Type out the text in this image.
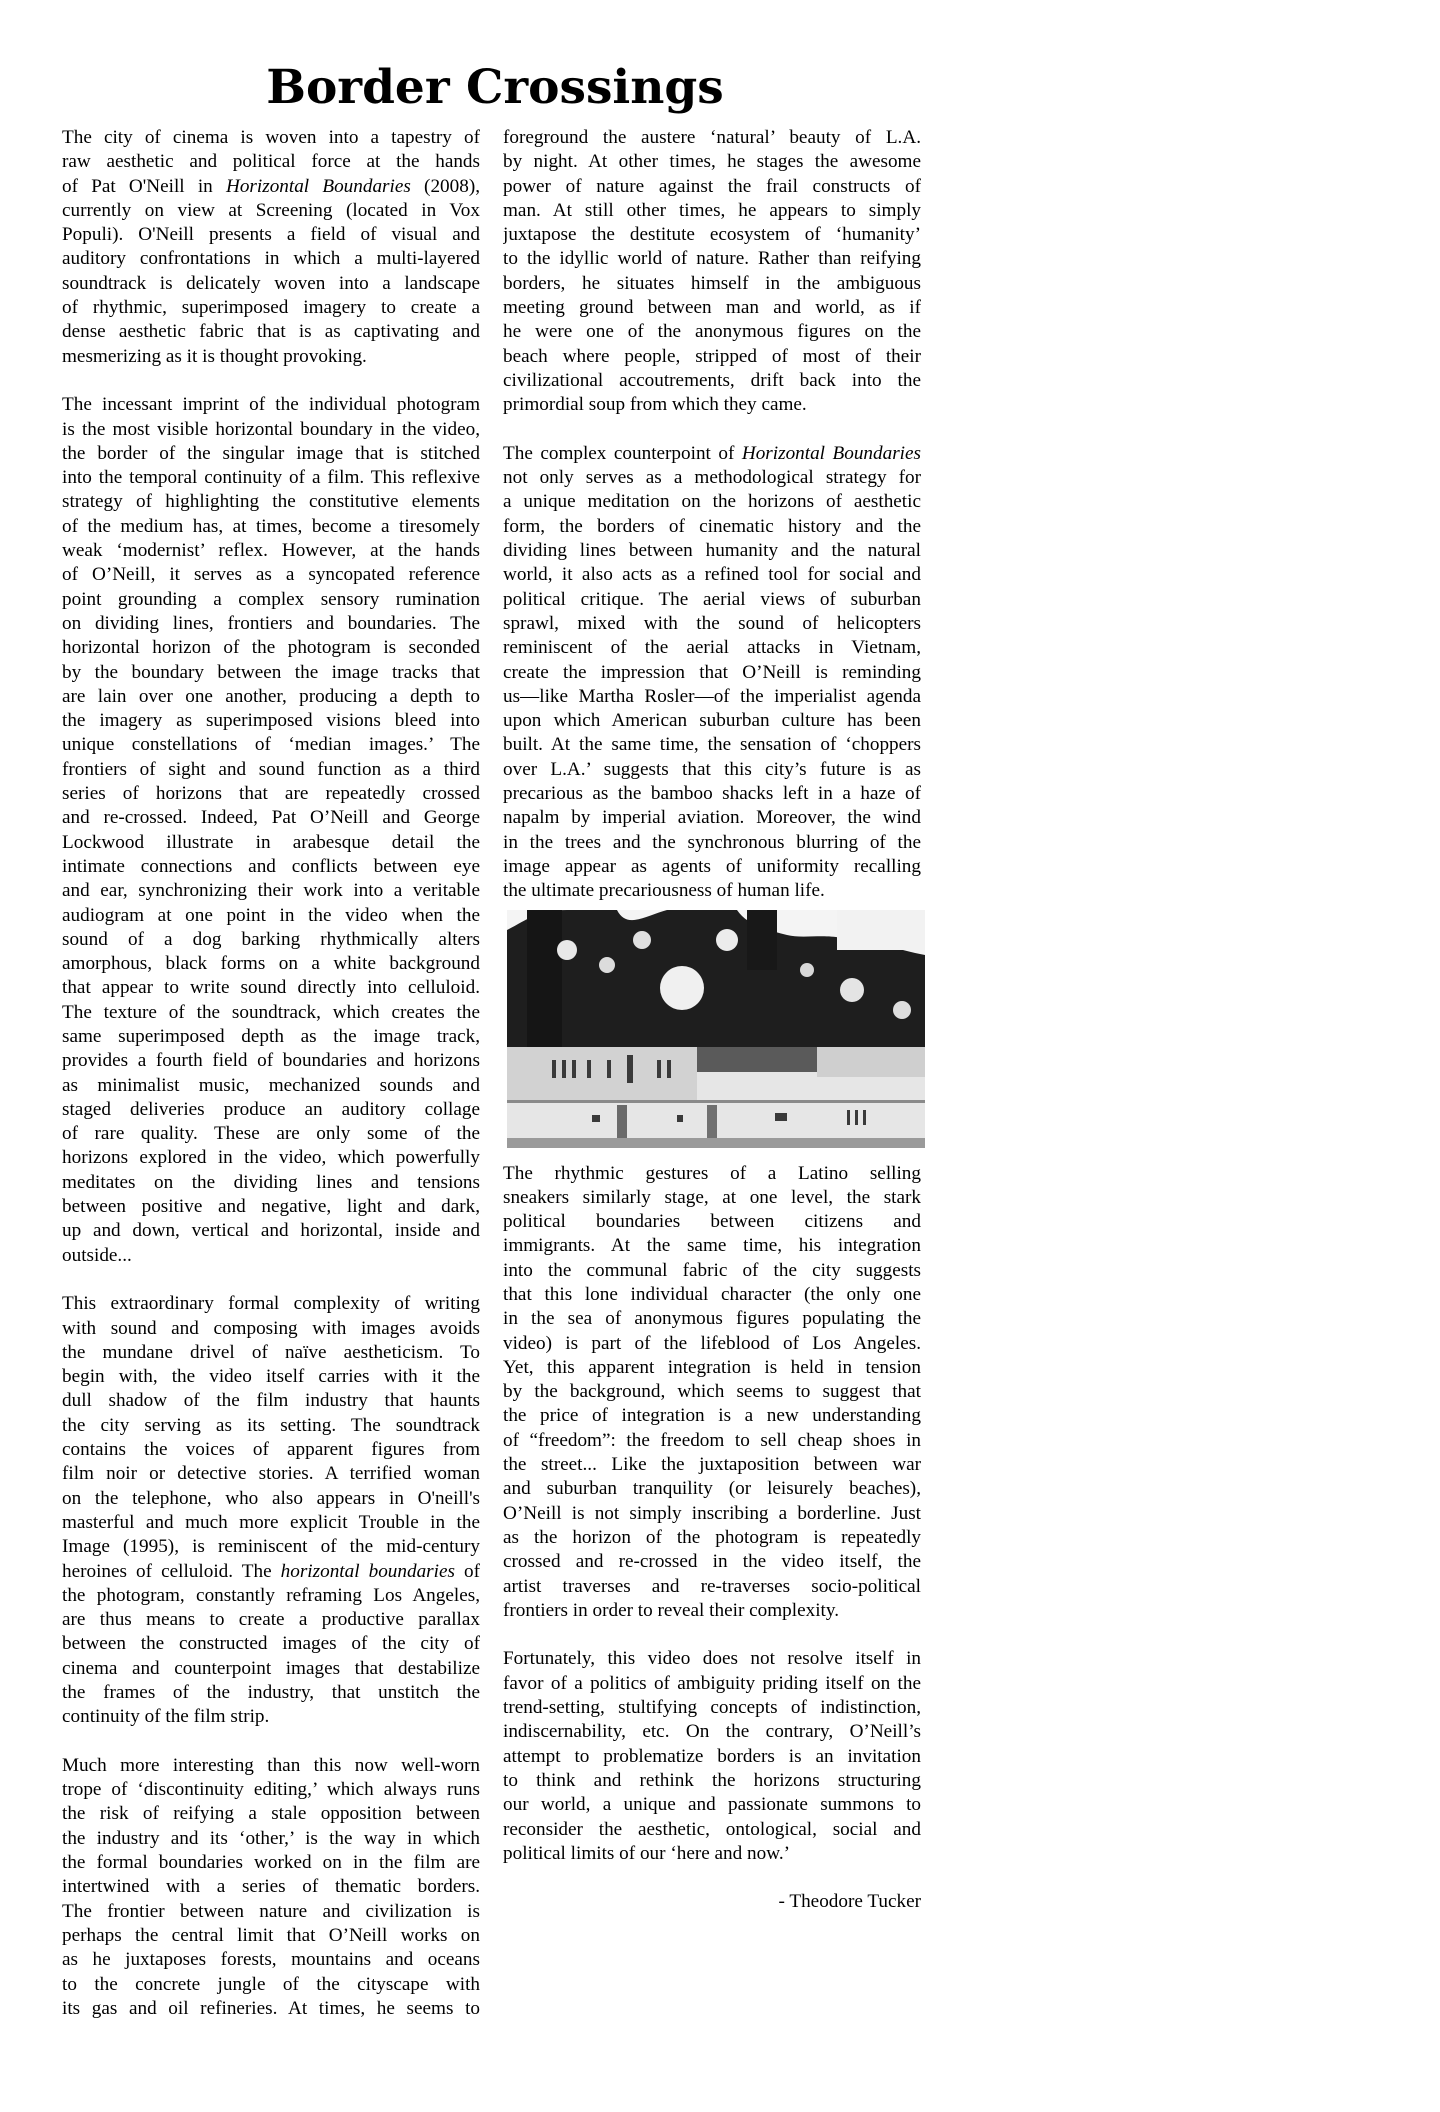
Border Crossings
The city of cinema is woven into a tapestry of
raw aesthetic and political force at the hands
of Pat O'Neill in Horizontal Boundaries (2008),
currently on view at Screening (located in Vox
Populi). O'Neill presents a field of visual and
auditory confrontations in which a multi-layered
soundtrack is delicately woven into a landscape
of rhythmic, superimposed imagery to create a
dense aesthetic fabric that is as captivating and
mesmerizing as it is thought provoking.
The incessant imprint of the individual photogram
is the most visible horizontal boundary in the video,
the border of the singular image that is stitched
into the temporal continuity of a film. This reflexive
strategy of highlighting the constitutive elements
of the medium has, at times, become a tiresomely
weak ‘modernist’ reflex. However, at the hands
of O’Neill, it serves as a syncopated reference
point grounding a complex sensory rumination
on dividing lines, frontiers and boundaries. The
horizontal horizon of the photogram is seconded
by the boundary between the image tracks that
are lain over one another, producing a depth to
the imagery as superimposed visions bleed into
unique constellations of ‘median images.’ The
frontiers of sight and sound function as a third
series of horizons that are repeatedly crossed
and re-crossed. Indeed, Pat O’Neill and George
Lockwood illustrate in arabesque detail the
intimate connections and conflicts between eye
and ear, synchronizing their work into a veritable
audiogram at one point in the video when the
sound of a dog barking rhythmically alters
amorphous, black forms on a white background
that appear to write sound directly into celluloid.
The texture of the soundtrack, which creates the
same superimposed depth as the image track,
provides a fourth field of boundaries and horizons
as minimalist music, mechanized sounds and
staged deliveries produce an auditory collage
of rare quality. These are only some of the
horizons explored in the video, which powerfully
meditates on the dividing lines and tensions
between positive and negative, light and dark,
up and down, vertical and horizontal, inside and
outside...
This extraordinary formal complexity of writing
with sound and composing with images avoids
the mundane drivel of naïve aestheticism. To
begin with, the video itself carries with it the
dull shadow of the film industry that haunts
the city serving as its setting. The soundtrack
contains the voices of apparent figures from
film noir or detective stories. A terrified woman
on the telephone, who also appears in O'neill's
masterful and much more explicit Trouble in the
Image (1995), is reminiscent of the mid-century
heroines of celluloid. The horizontal boundaries of
the photogram, constantly reframing Los Angeles,
are thus means to create a productive parallax
between the constructed images of the city of
cinema and counterpoint images that destabilize
the frames of the industry, that unstitch the
continuity of the film strip.
Much more interesting than this now well-worn
trope of ‘discontinuity editing,’ which always runs
the risk of reifying a stale opposition between
the industry and its ‘other,’ is the way in which
the formal boundaries worked on in the film are
intertwined with a series of thematic borders.
The frontier between nature and civilization is
perhaps the central limit that O’Neill works on
as he juxtaposes forests, mountains and oceans
to the concrete jungle of the cityscape with
its gas and oil refineries. At times, he seems to
foreground the austere ‘natural’ beauty of L.A.
by night. At other times, he stages the awesome
power of nature against the frail constructs of
man. At still other times, he appears to simply
juxtapose the destitute ecosystem of ‘humanity’
to the idyllic world of nature. Rather than reifying
borders, he situates himself in the ambiguous
meeting ground between man and world, as if
he were one of the anonymous figures on the
beach where people, stripped of most of their
civilizational accoutrements, drift back into the
primordial soup from which they came.
The complex counterpoint of Horizontal Boundaries
not only serves as a methodological strategy for
a unique meditation on the horizons of aesthetic
form, the borders of cinematic history and the
dividing lines between humanity and the natural
world, it also acts as a refined tool for social and
political critique. The aerial views of suburban
sprawl, mixed with the sound of helicopters
reminiscent of the aerial attacks in Vietnam,
create the impression that O’Neill is reminding
us—like Martha Rosler—of the imperialist agenda
upon which American suburban culture has been
built. At the same time, the sensation of ‘choppers
over L.A.’ suggests that this city’s future is as
precarious as the bamboo shacks left in a haze of
napalm by imperial aviation. Moreover, the wind
in the trees and the synchronous blurring of the
image appear as agents of uniformity recalling
the ultimate precariousness of human life.
The rhythmic gestures of a Latino selling
sneakers similarly stage, at one level, the stark
political boundaries between citizens and
immigrants. At the same time, his integration
into the communal fabric of the city suggests
that this lone individual character (the only one
in the sea of anonymous figures populating the
video) is part of the lifeblood of Los Angeles.
Yet, this apparent integration is held in tension
by the background, which seems to suggest that
the price of integration is a new understanding
of “freedom”: the freedom to sell cheap shoes in
the street... Like the juxtaposition between war
and suburban tranquility (or leisurely beaches),
O’Neill is not simply inscribing a borderline. Just
as the horizon of the photogram is repeatedly
crossed and re-crossed in the video itself, the
artist traverses and re-traverses socio-political
frontiers in order to reveal their complexity.
Fortunately, this video does not resolve itself in
favor of a politics of ambiguity priding itself on the
trend-setting, stultifying concepts of indistinction,
indiscernability, etc. On the contrary, O’Neill’s
attempt to problematize borders is an invitation
to think and rethink the horizons structuring
our world, a unique and passionate summons to
reconsider the aesthetic, ontological, social and
political limits of our ‘here and now.’
- Theodore Tucker
